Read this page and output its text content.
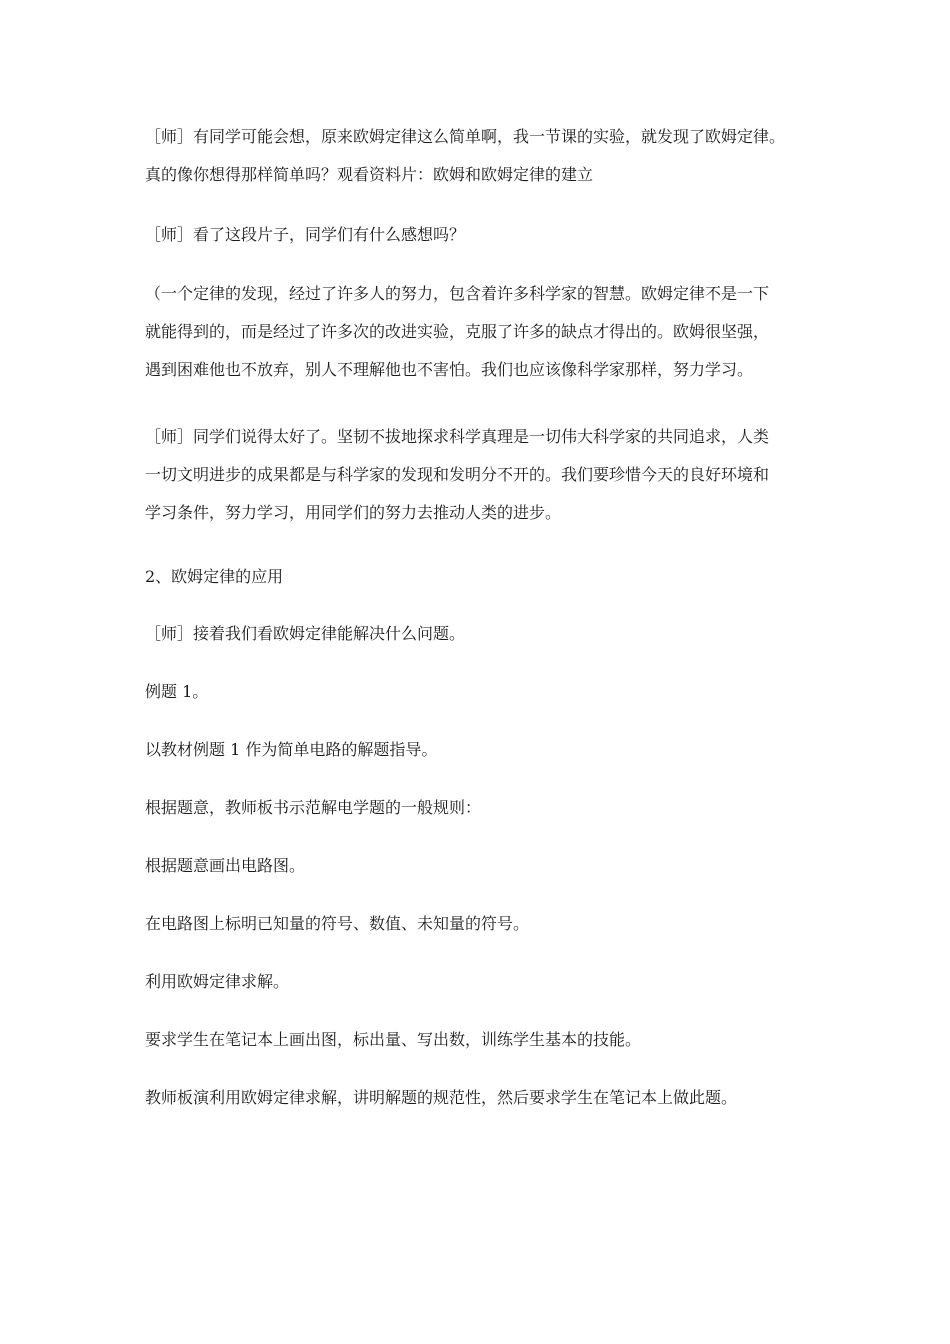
［师］有同学可能会想，原来欧姆定律这么简单啊，我一节课的实验，就发现了欧姆定律。
真的像你想得那样简单吗？观看资料片：欧姆和欧姆定律的建立
［师］看了这段片子，同学们有什么感想吗？
（一个定律的发现，经过了许多人的努力，包含着许多科学家的智慧。欧姆定律不是一下
就能得到的，而是经过了许多次的改进实验，克服了许多的缺点才得出的。欧姆很坚强，
遇到困难他也不放弃，别人不理解他也不害怕。我们也应该像科学家那样，努力学习。
［师］同学们说得太好了。坚韧不拔地探求科学真理是一切伟大科学家的共同追求，人类
一切文明进步的成果都是与科学家的发现和发明分不开的。我们要珍惜今天的良好环境和
学习条件，努力学习，用同学们的努力去推动人类的进步。
2、欧姆定律的应用
［师］接着我们看欧姆定律能解决什么问题。
例题 1。
以教材例题 1 作为简单电路的解题指导。
根据题意，教师板书示范解电学题的一般规则：
根据题意画出电路图。
在电路图上标明已知量的符号、数值、未知量的符号。
利用欧姆定律求解。
要求学生在笔记本上画出图，标出量、写出数，训练学生基本的技能。
教师板演利用欧姆定律求解，讲明解题的规范性，然后要求学生在笔记本上做此题。
